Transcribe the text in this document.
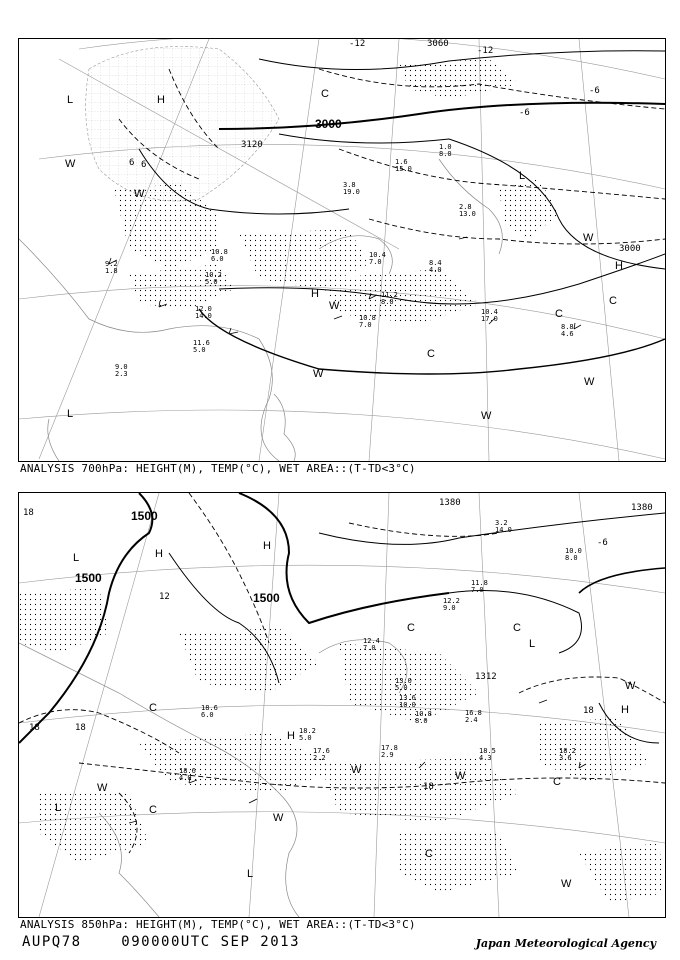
3000
3120
3060
3000
-12
-12
-6
-6
6 6
L	H
W
W
C
L
W
H
C
H
W
C
C
W
L	W
W
9.2
1.8
10.8
6.0
10.2
5.0
12.0
14.0
10.4
7.0
11.2
8.0
10.8
7.0
8.4
4.0
10.4
17.0
8.8
4.6
9.0
2.3
11.6
5.0
3.8
19.0
1.6
15.0
1.0
8.0
2.8
13.0
ANALYSIS 700hPa: HEIGHT(M), TEMP(°C), WET AREA::(T-TD<3°C)
1500
1500
1500
1380	1380
1312
18
18	18
18
12
-6
18
L	H
H
C
C	C
H
W
L
W
W	C
W
H
C
L
W
C
L
W
11.8
7.0
12.4
7.0
12.2
9.0
13.6
10.0
10.8
8.0
16.8
2.4
17.8
2.9
18.6
6.0
18.2
3.6
18.2
5.0
17.6
2.2
18.5
4.3
18.6
4.0
13.0
5.0
3.2
14.0
10.0
8.0
ANALYSIS 850hPa: HEIGHT(M), TEMP(°C), WET AREA::(T-TD<3°C)
AUPQ78	090000UTC SEP 2013	Japan Meteorological Agency
